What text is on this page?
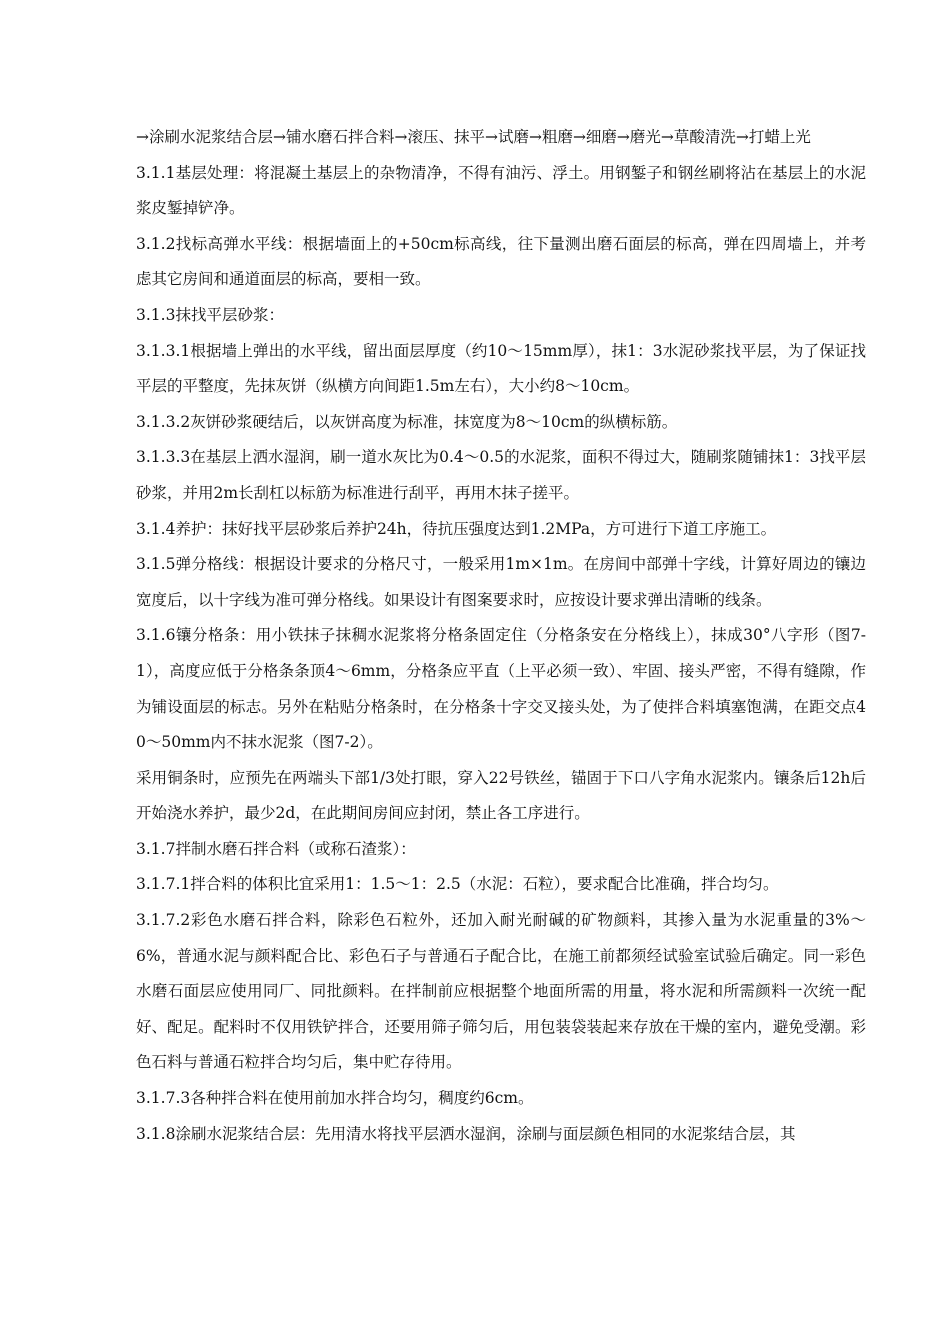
→涂刷水泥浆结合层→铺水磨石拌合料→滚压、抹平→试磨→粗磨→细磨→磨光→草酸清洗→打蜡上光

3.1.1基层处理：将混凝土基层上的杂物清净，不得有油污、浮土。用钢錾子和钢丝刷将沾在基层上的水泥浆皮錾掉铲净。

3.1.2找标高弹水平线：根据墙面上的+50cm标高线，往下量测出磨石面层的标高，弹在四周墙上，并考虑其它房间和通道面层的标高，要相一致。

3.1.3抹找平层砂浆：

3.1.3.1根据墙上弹出的水平线，留出面层厚度（约10～15mm厚），抹1：3水泥砂浆找平层，为了保证找平层的平整度，先抹灰饼（纵横方向间距1.5m左右），大小约8～10cm。

3.1.3.2灰饼砂浆硬结后，以灰饼高度为标准，抹宽度为8～10cm的纵横标筋。

3.1.3.3在基层上洒水湿润，刷一道水灰比为0.4～0.5的水泥浆，面积不得过大，随刷浆随铺抹1：3找平层砂浆，并用2m长刮杠以标筋为标准进行刮平，再用木抹子搓平。

3.1.4养护：抹好找平层砂浆后养护24h，待抗压强度达到1.2MPa，方可进行下道工序施工。

3.1.5弹分格线：根据设计要求的分格尺寸，一般采用1m×1m。在房间中部弹十字线，计算好周边的镶边宽度后，以十字线为准可弹分格线。如果设计有图案要求时，应按设计要求弹出清晰的线条。

3.1.6镶分格条：用小铁抹子抹稠水泥浆将分格条固定住（分格条安在分格线上），抹成30°八字形（图7-1），高度应低于分格条条顶4～6mm，分格条应平直（上平必须一致）、牢固、接头严密，不得有缝隙，作为铺设面层的标志。另外在粘贴分格条时，在分格条十字交叉接头处，为了使拌合料填塞饱满，在距交点40～50mm内不抹水泥浆（图7-2）。

采用铜条时，应预先在两端头下部1/3处打眼，穿入22号铁丝，锚固于下口八字角水泥浆内。镶条后12h后开始浇水养护，最少2d，在此期间房间应封闭，禁止各工序进行。

3.1.7拌制水磨石拌合料（或称石渣浆）：

3.1.7.1拌合料的体积比宜采用1：1.5～1：2.5（水泥：石粒），要求配合比准确，拌合均匀。

3.1.7.2彩色水磨石拌合料，除彩色石粒外，还加入耐光耐碱的矿物颜料，其掺入量为水泥重量的3%～6%，普通水泥与颜料配合比、彩色石子与普通石子配合比，在施工前都须经试验室试验后确定。同一彩色水磨石面层应使用同厂、同批颜料。在拌制前应根据整个地面所需的用量，将水泥和所需颜料一次统一配好、配足。配料时不仅用铁铲拌合，还要用筛子筛匀后，用包装袋装起来存放在干燥的室内，避免受潮。彩色石料与普通石粒拌合均匀后，集中贮存待用。

3.1.7.3各种拌合料在使用前加水拌合均匀，稠度约6cm。

3.1.8涂刷水泥浆结合层：先用清水将找平层洒水湿润，涂刷与面层颜色相同的水泥浆结合层，其
